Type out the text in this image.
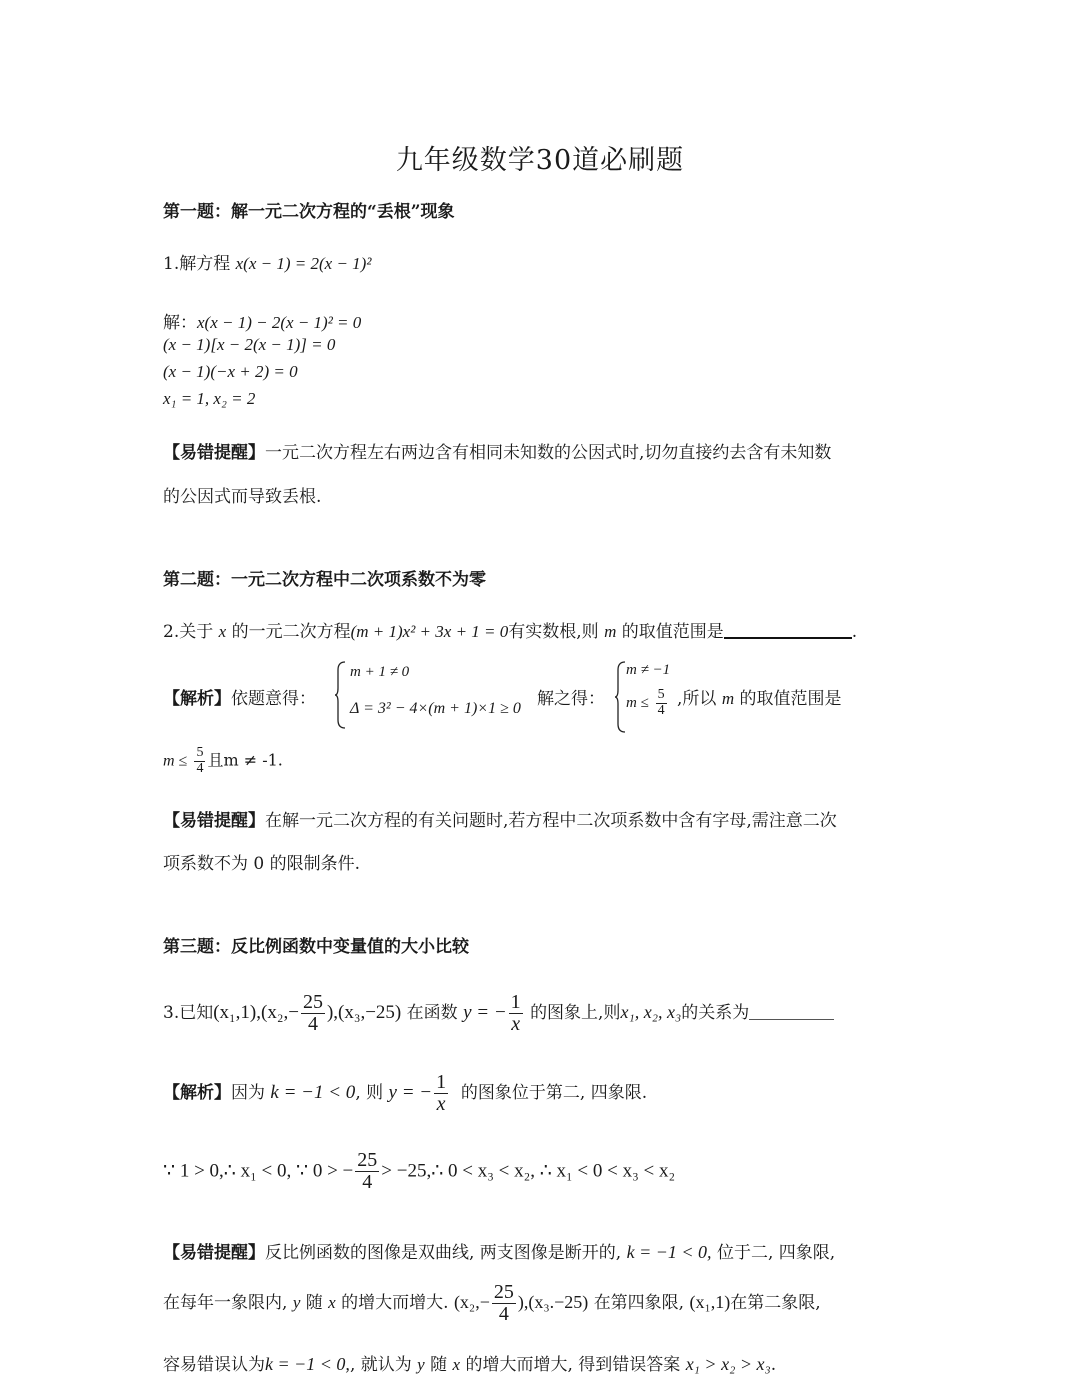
九年级数学30道必刷题
第一题：解一元二次方程的“丢根”现象
1.解方程 x(x − 1) = 2(x − 1)²
解：x(x − 1) − 2(x − 1)² = 0
(x − 1)[x − 2(x − 1)] = 0
(x − 1)(−x + 2) = 0
x₁ = 1, x₂ = 2
【易错提醒】一元二次方程左右两边含有相同未知数的公因式时,切勿直接约去含有未知数
的公因式而导致丢根.
第二题：一元二次方程中二次项系数不为零
2.关于 x 的一元二次方程(m + 1)x² + 3x + 1 = 0有实数根,则 m 的取值范围是	.
【解析】依题意得：
m + 1 ≠ 0
Δ = 3² − 4×(m + 1)×1 ≥ 0 解之得：
m ≠ −1
$m \le \frac{5}{4}$ ,所以 m 的取值范围是
$m \le \frac{5}{4}$ 且m ≠ -1.
【易错提醒】在解一元二次方程的有关问题时,若方程中二次项系数中含有字母,需注意二次
项系数不为 0 的限制条件.
第三题：反比例函数中变量值的大小比较
3.已知$(x_1,1),(x_2,- \frac{25}{4} ),(x_3,-25)$ 在函数 y = − $\frac{1}{x}$ 的图象上,则x₁, x₂, x₃的关系为
【解析】因为 k = −1 < 0, 则 y = − $\frac{1}{x}$ 的图象位于第二, 四象限.
∵ 1 > 0,∴ x₁ < 0, ∵ 0 > − $\frac{25}{4}$ > −25,∴ 0 < x₃ < x₂, ∴ x₁ < 0 < x₃ < x₂
【易错提醒】反比例函数的图像是双曲线, 两支图像是断开的, k = −1 < 0, 位于二, 四象限,
在每年一象限内, y 随 x 的增大而增大. $(x_2,- \frac{25}{4} ),(x_3.-25)$ 在第四象限, (x₁,1)在第二象限,
容易错误认为k = −1 < 0,, 就认为 y 随 x 的增大而增大, 得到错误答案 x₁ > x₂ > x₃.
